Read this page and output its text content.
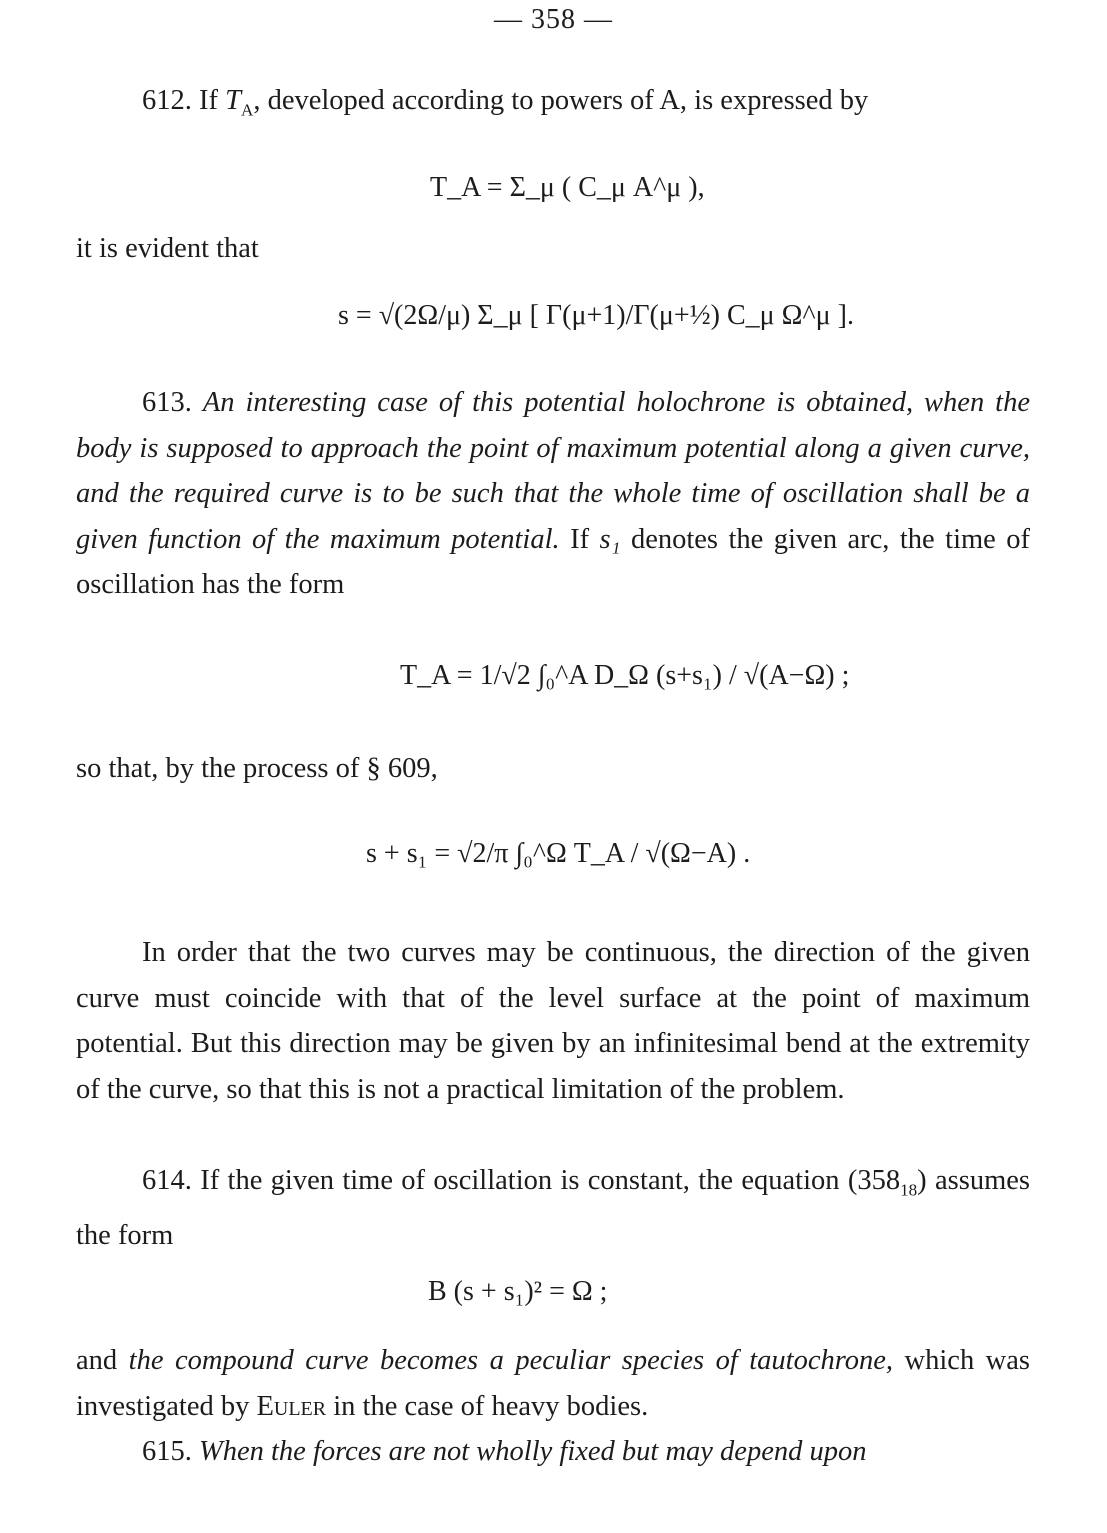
— 358 —

612. If $T_A$, developed according to powers of A, is expressed by

T_A = Σ_μ ( C_μ A^μ ),

it is evident that

s = √(2Ω/μ) Σ_μ [ Γ(μ+1)/Γ(μ+½) C_μ Ω^μ ].

613. An interesting case of this potential holochrone is obtained, when the body is supposed to approach the point of maximum potential along a given curve, and the required curve is to be such that the whole time of oscillation shall be a given function of the maximum potential. If s₁ denotes the given arc, the time of oscillation has the form

T_A = 1/√2 ∫₀^A D_Ω (s+s₁) / √(A−Ω) ;

so that, by the process of § 609,

s + s₁ = √2/π ∫₀^Ω T_A / √(Ω−A) .

In order that the two curves may be continuous, the direction of the given curve must coincide with that of the level surface at the point of maximum potential. But this direction may be given by an infinitesimal bend at the extremity of the curve, so that this is not a practical limitation of the problem.

614. If the given time of oscillation is constant, the equation $(358_{18})$ assumes the form

B (s + s₁)² = Ω ;

and the compound curve becomes a peculiar species of tautochrone, which was investigated by Euler in the case of heavy bodies.

615. When the forces are not wholly fixed but may depend upon
